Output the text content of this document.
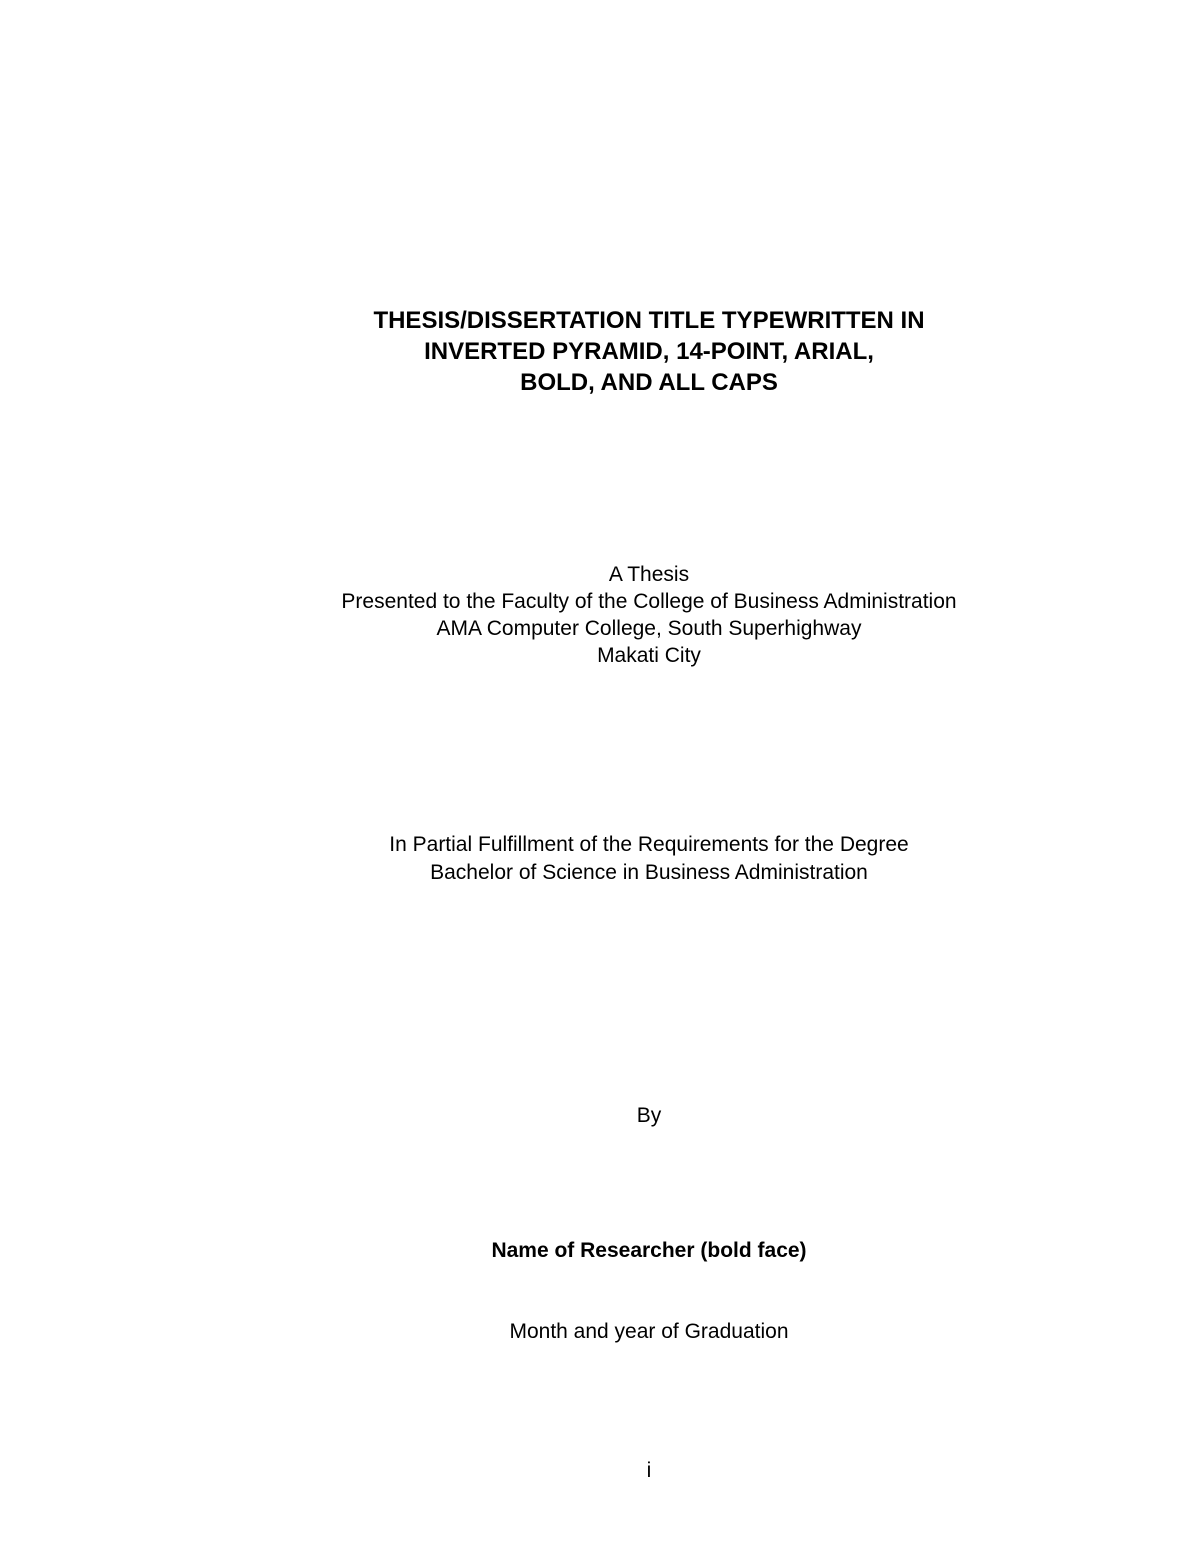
THESIS/DISSERTATION TITLE TYPEWRITTEN IN
INVERTED PYRAMID, 14-POINT, ARIAL,
BOLD, AND ALL CAPS
A Thesis
Presented to the Faculty of the College of Business Administration
AMA Computer College, South Superhighway
Makati City
In Partial Fulfillment of the Requirements for the Degree
Bachelor of Science in Business Administration
By
Name of Researcher (bold face)
Month and year of Graduation
i
